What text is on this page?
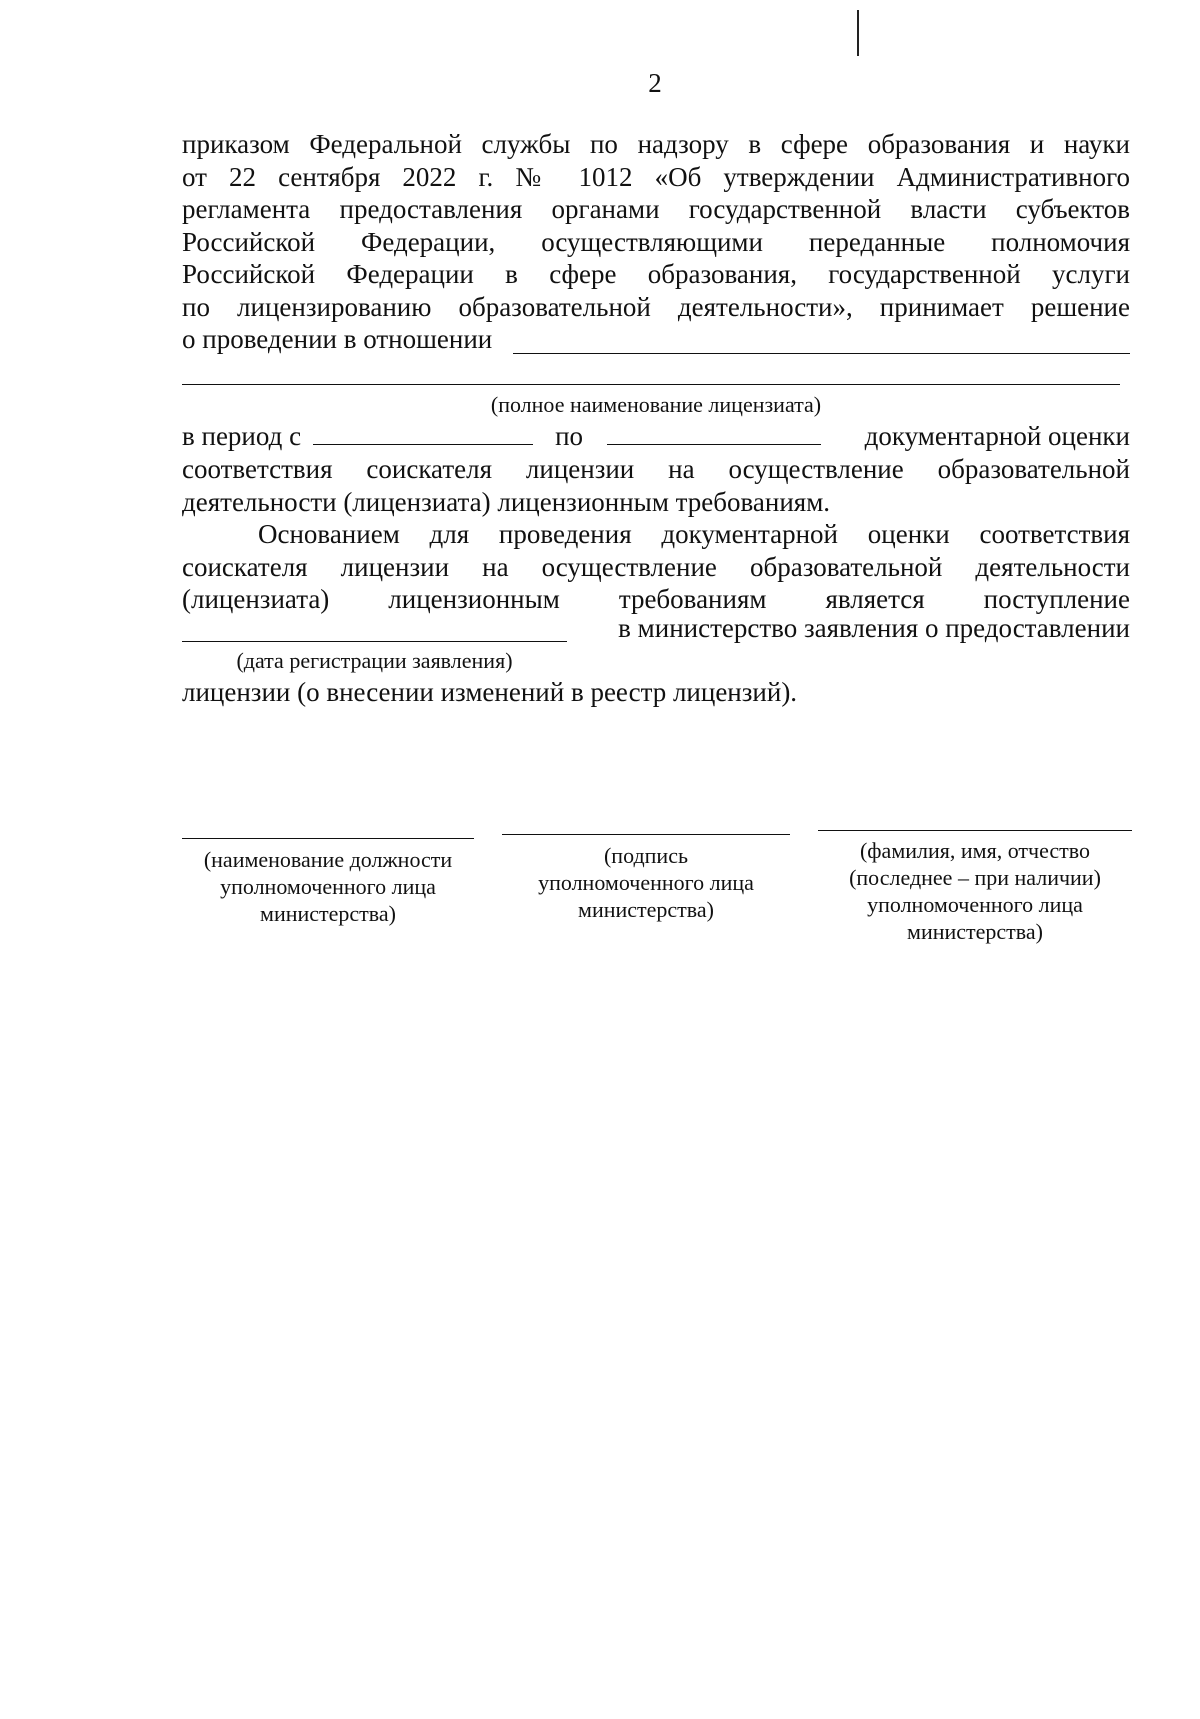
2
приказом Федеральной службы по надзору в сфере образования и науки
от 22 сентября 2022 г. № 1012 «Об утверждении Административного
регламента предоставления органами государственной власти субъектов
Российской Федерации, осуществляющими переданные полномочия
Российской Федерации в сфере образования, государственной услуги
по лицензированию образовательной деятельности», принимает решение
о проведении в отношении
(полное наименование лицензиата)
в период с	по	документарной оценки
соответствия соискателя лицензии на осуществление образовательной
деятельности (лицензиата) лицензионным требованиям.
Основанием для проведения документарной оценки соответствия
соискателя лицензии на осуществление образовательной деятельности
(лицензиата) лицензионным требованиям является поступление
в министерство заявления о предоставлении
(дата регистрации заявления)
лицензии (о внесении изменений в реестр лицензий).
(наименование должности
уполномоченного лица
министерства)
(подпись
уполномоченного лица
министерства)
(фамилия, имя, отчество
(последнее – при наличии)
уполномоченного лица
министерства)
